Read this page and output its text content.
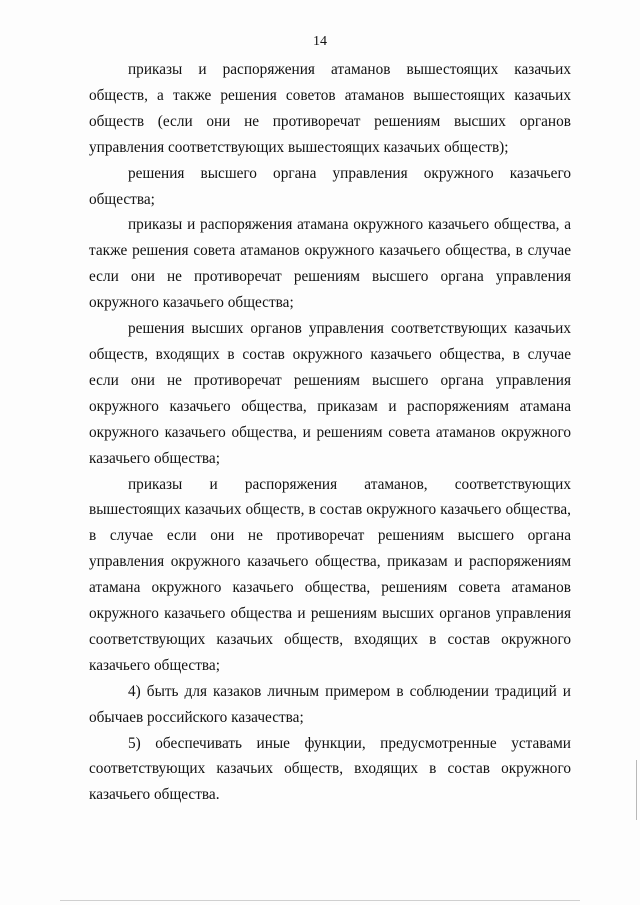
14

приказы и распоряжения атаманов вышестоящих казачьих обществ, а также решения советов атаманов вышестоящих казачьих обществ (если они не противоречат решениям высших органов управления соответствующих вышестоящих казачьих обществ);

решения высшего органа управления окружного казачьего общества;

приказы и распоряжения атамана окружного казачьего общества, а также решения совета атаманов окружного казачьего общества, в случае если они не противоречат решениям высшего органа управления окружного казачьего общества;

решения высших органов управления соответствующих казачьих обществ, входящих в состав окружного казачьего общества, в случае если они не противоречат решениям высшего органа управления окружного казачьего общества, приказам и распоряжениям атамана окружного казачьего общества, и решениям совета атаманов окружного казачьего общества;

приказы и распоряжения атаманов, соответствующих вышестоящих казачьих обществ, в состав окружного казачьего общества, в случае если они не противоречат решениям высшего органа управления окружного казачьего общества, приказам и распоряжениям атамана окружного казачьего общества, решениям совета атаманов окружного казачьего общества и решениям высших органов управления соответствующих казачьих обществ, входящих в состав окружного казачьего общества;

4) быть для казаков личным примером в соблюдении традиций и обычаев российского казачества;

5) обеспечивать иные функции, предусмотренные уставами соответствующих казачьих обществ, входящих в состав окружного казачьего общества.
